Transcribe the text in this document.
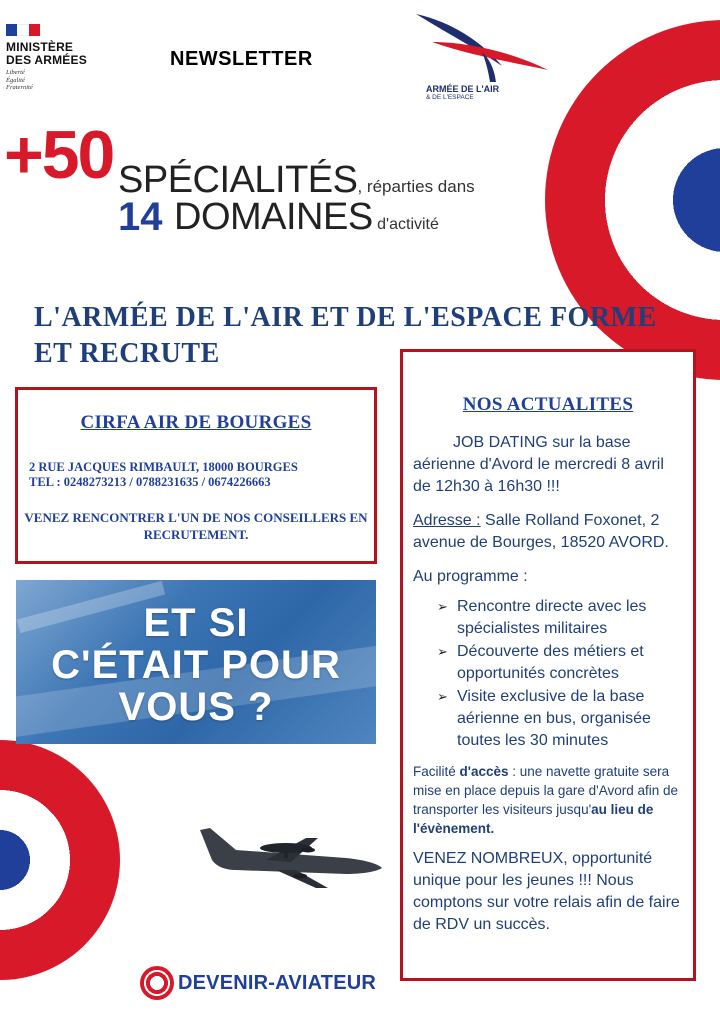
MINISTÈRE
DES ARMÉES
Liberté
Égalité
Fraternité
NEWSLETTER
ARMÉE DE L'AIR
& DE L'ESPACE
+50 SPÉCIALITÉS, réparties dans
14 DOMAINES d'activité
L'ARMÉE DE L'AIR ET DE L'ESPACE FORME ET RECRUTE
CIRFA AIR DE BOURGES
2 RUE JACQUES RIMBAULT, 18000 BOURGES
TEL : 0248273213 / 0788231635 / 0674226663
VENEZ RENCONTRER L'UN DE NOS CONSEILLERS EN RECRUTEMENT.
ET SI
C'ÉTAIT POUR
VOUS ?
DEVENIR-AVIATEUR
NOS ACTUALITES

JOB DATING sur la base aérienne d'Avord le mercredi 8 avril de 12h30 à 16h30 !!!

Adresse : Salle Rolland Foxonet, 2 avenue de Bourges, 18520 AVORD.

Au programme :

➢ Rencontre directe avec les spécialistes militaires
➢ Découverte des métiers et opportunités concrètes
➢ Visite exclusive de la base aérienne en bus, organisée toutes les 30 minutes

Facilité d'accès : une navette gratuite sera mise en place depuis la gare d'Avord afin de transporter les visiteurs jusqu'au lieu de l'évènement.

VENEZ NOMBREUX, opportunité unique pour les jeunes !!! Nous comptons sur votre relais afin de faire de RDV un succès.
